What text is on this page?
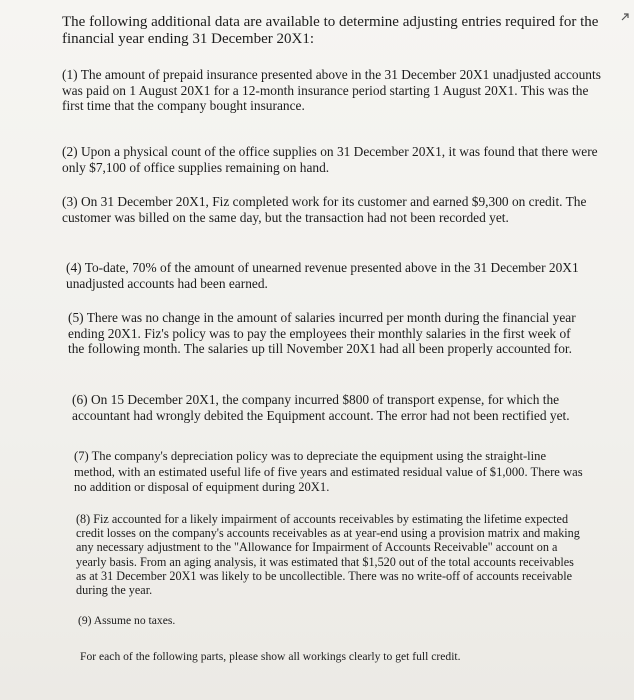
The following additional data are available to determine adjusting entries required for the financial year ending 31 December 20X1:
(1) The amount of prepaid insurance presented above in the 31 December 20X1 unadjusted accounts was paid on 1 August 20X1 for a 12-month insurance period starting 1 August 20X1. This was the first time that the company bought insurance.
(2) Upon a physical count of the office supplies on 31 December 20X1, it was found that there were only $7,100 of office supplies remaining on hand.
(3) On 31 December 20X1, Fiz completed work for its customer and earned $9,300 on credit. The customer was billed on the same day, but the transaction had not been recorded yet.
(4) To-date, 70% of the amount of unearned revenue presented above in the 31 December 20X1 unadjusted accounts had been earned.
(5) There was no change in the amount of salaries incurred per month during the financial year ending 20X1. Fiz's policy was to pay the employees their monthly salaries in the first week of the following month. The salaries up till November 20X1 had all been properly accounted for.
(6) On 15 December 20X1, the company incurred $800 of transport expense, for which the accountant had wrongly debited the Equipment account. The error had not been rectified yet.
(7) The company's depreciation policy was to depreciate the equipment using the straight-line method, with an estimated useful life of five years and estimated residual value of $1,000. There was no addition or disposal of equipment during 20X1.
(8) Fiz accounted for a likely impairment of accounts receivables by estimating the lifetime expected credit losses on the company's accounts receivables as at year-end using a provision matrix and making any necessary adjustment to the "Allowance for Impairment of Accounts Receivable" account on a yearly basis. From an aging analysis, it was estimated that $1,520 out of the total accounts receivables as at 31 December 20X1 was likely to be uncollectible. There was no write-off of accounts receivable during the year.
(9) Assume no taxes.
For each of the following parts, please show all workings clearly to get full credit.
